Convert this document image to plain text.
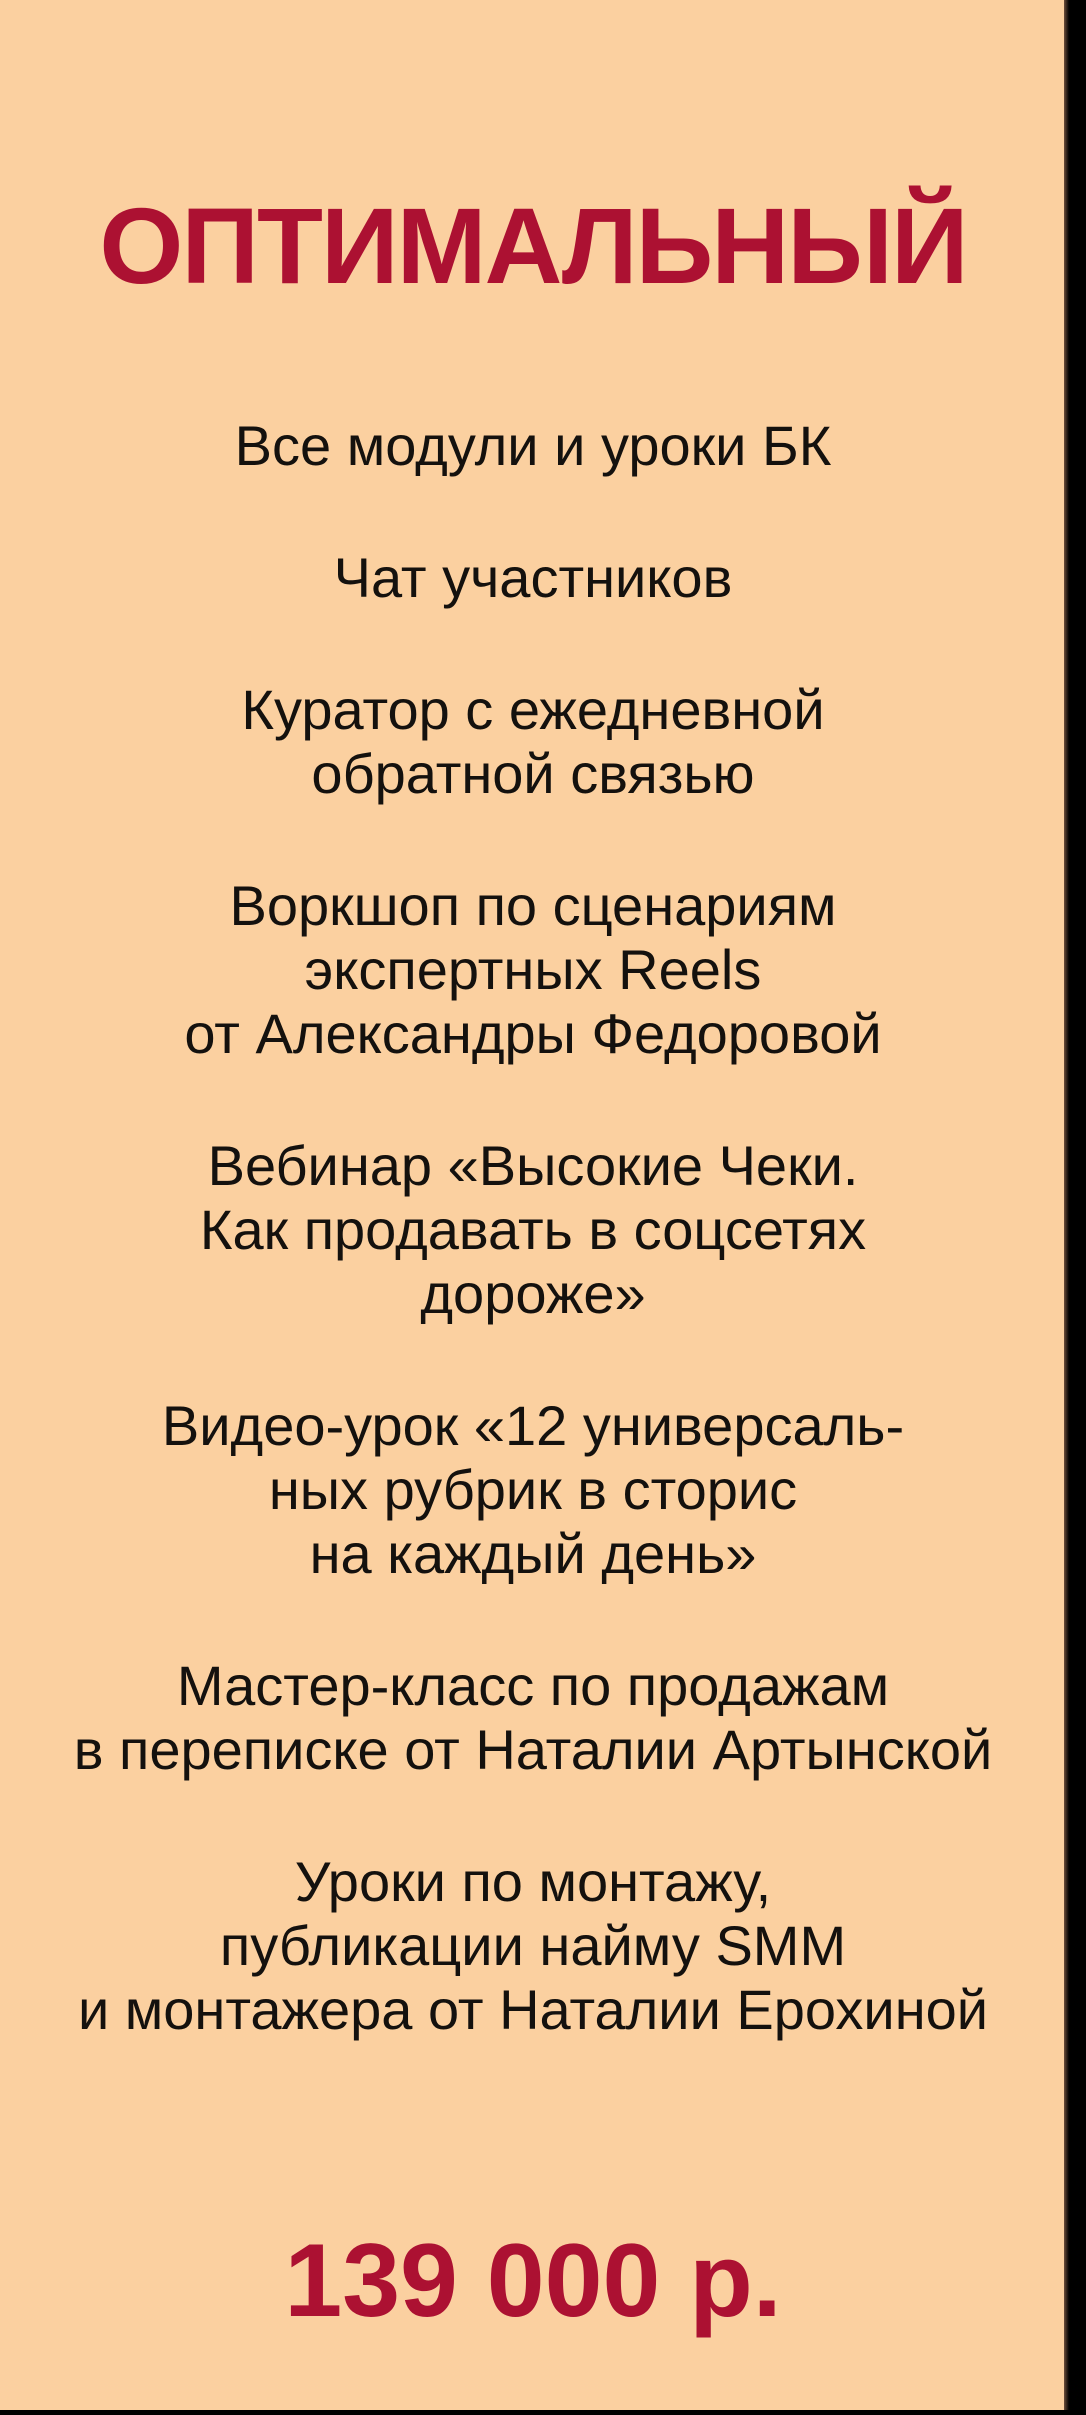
ОПТИМАЛЬНЫЙ
Все модули и уроки БК
Чат участников
Куратор с ежедневной
обратной связью
Воркшоп по сценариям
экспертных Reels
от Александры Федоровой
Вебинар «Высокие Чеки.
Как продавать в соцсетях
дороже»
Видео-урок «12 универсаль-
ных рубрик в сторис
на каждый день»
Мастер-класс по продажам
в переписке от Наталии Артынской
Уроки по монтажу,
публикации найму SMM
и монтажера от Наталии Ерохиной
139 000 р.
